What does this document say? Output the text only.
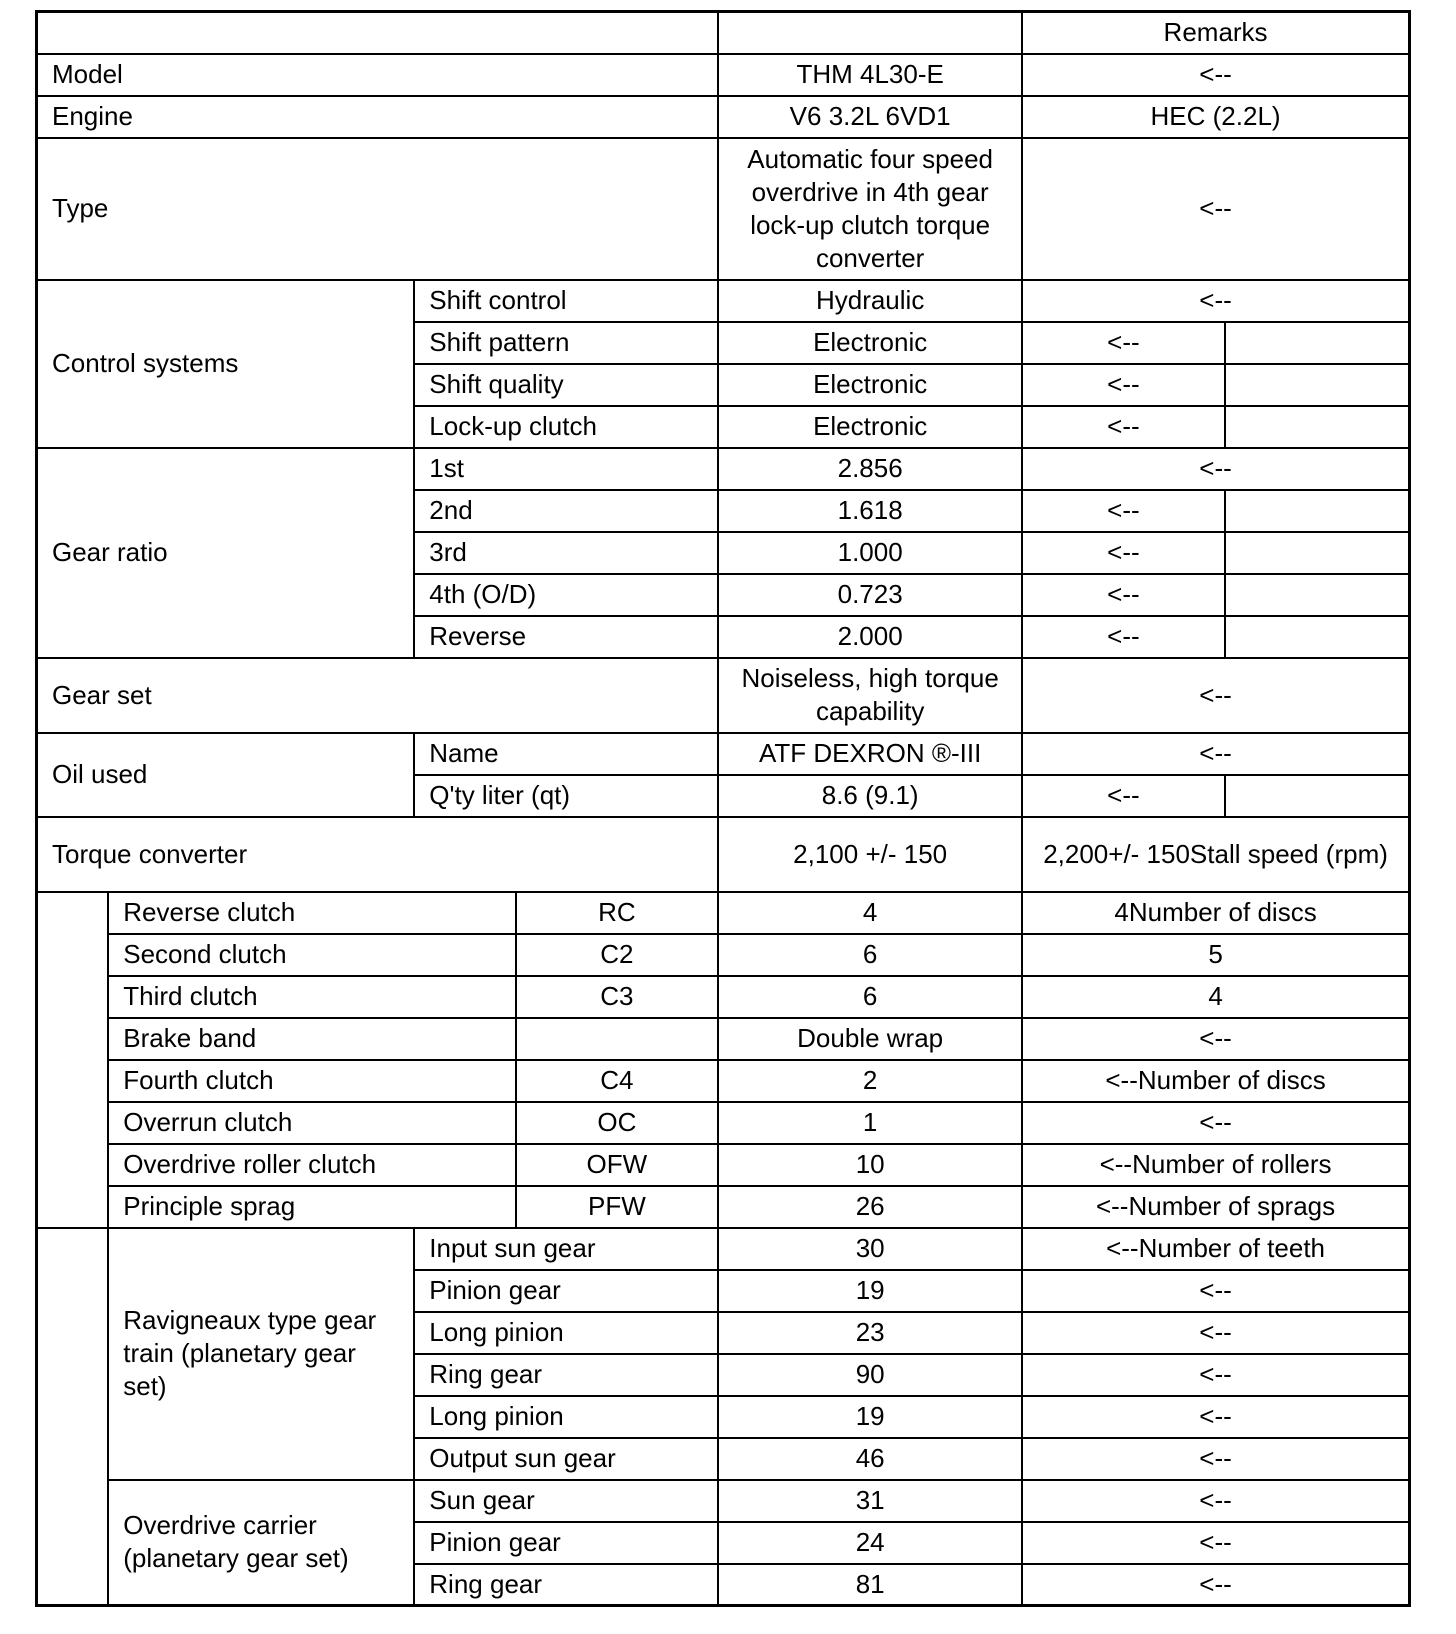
					Remarks	
Model				THM 4L30-E	<--	
Engine				V6 3.2L 6VD1	HEC (2.2L)	
Type				Automatic four speed overdrive in 4th gear lock-up clutch torque converter	<--	
Control systems		Shift control		Hydraulic	<--	
		Shift pattern		Electronic	<--	
		Shift quality		Electronic	<--	
		Lock-up clutch		Electronic	<--	
Gear ratio		1st		2.856	<--	
		2nd		1.618	<--	
		3rd		1.000	<--	
		4th (O/D)		0.723	<--	
		Reverse		2.000	<--	
Gear set				Noiseless, high torque capability	<--	
Oil used		Name		ATF DEXRON ®-III	<--	
		Q'ty liter (qt)		8.6 (9.1)	<--	
Torque converter				2,100 +/- 150	2,200+/- 150Stall speed (rpm)	
	Reverse clutch		RC	4	4Number of discs	
	Second clutch		C2	6	5	
	Third clutch		C3	6	4	
	Brake band			Double wrap	<--	
	Fourth clutch		C4	2	<--Number of discs	
	Overrun clutch		OC	1	<--	
	Overdrive roller clutch		OFW	10	<--Number of rollers	
	Principle sprag		PFW	26	<--Number of sprags	
	Ravigneaux type gear train (planetary gear set)	Input sun gear		30	<--Number of teeth	
		Pinion gear		19	<--	
		Long pinion		23	<--	
		Ring gear		90	<--	
		Long pinion		19	<--	
		Output sun gear		46	<--	
	Overdrive carrier (planetary gear set)	Sun gear		31	<--	
		Pinion gear		24	<--	
		Ring gear		81	<--	
